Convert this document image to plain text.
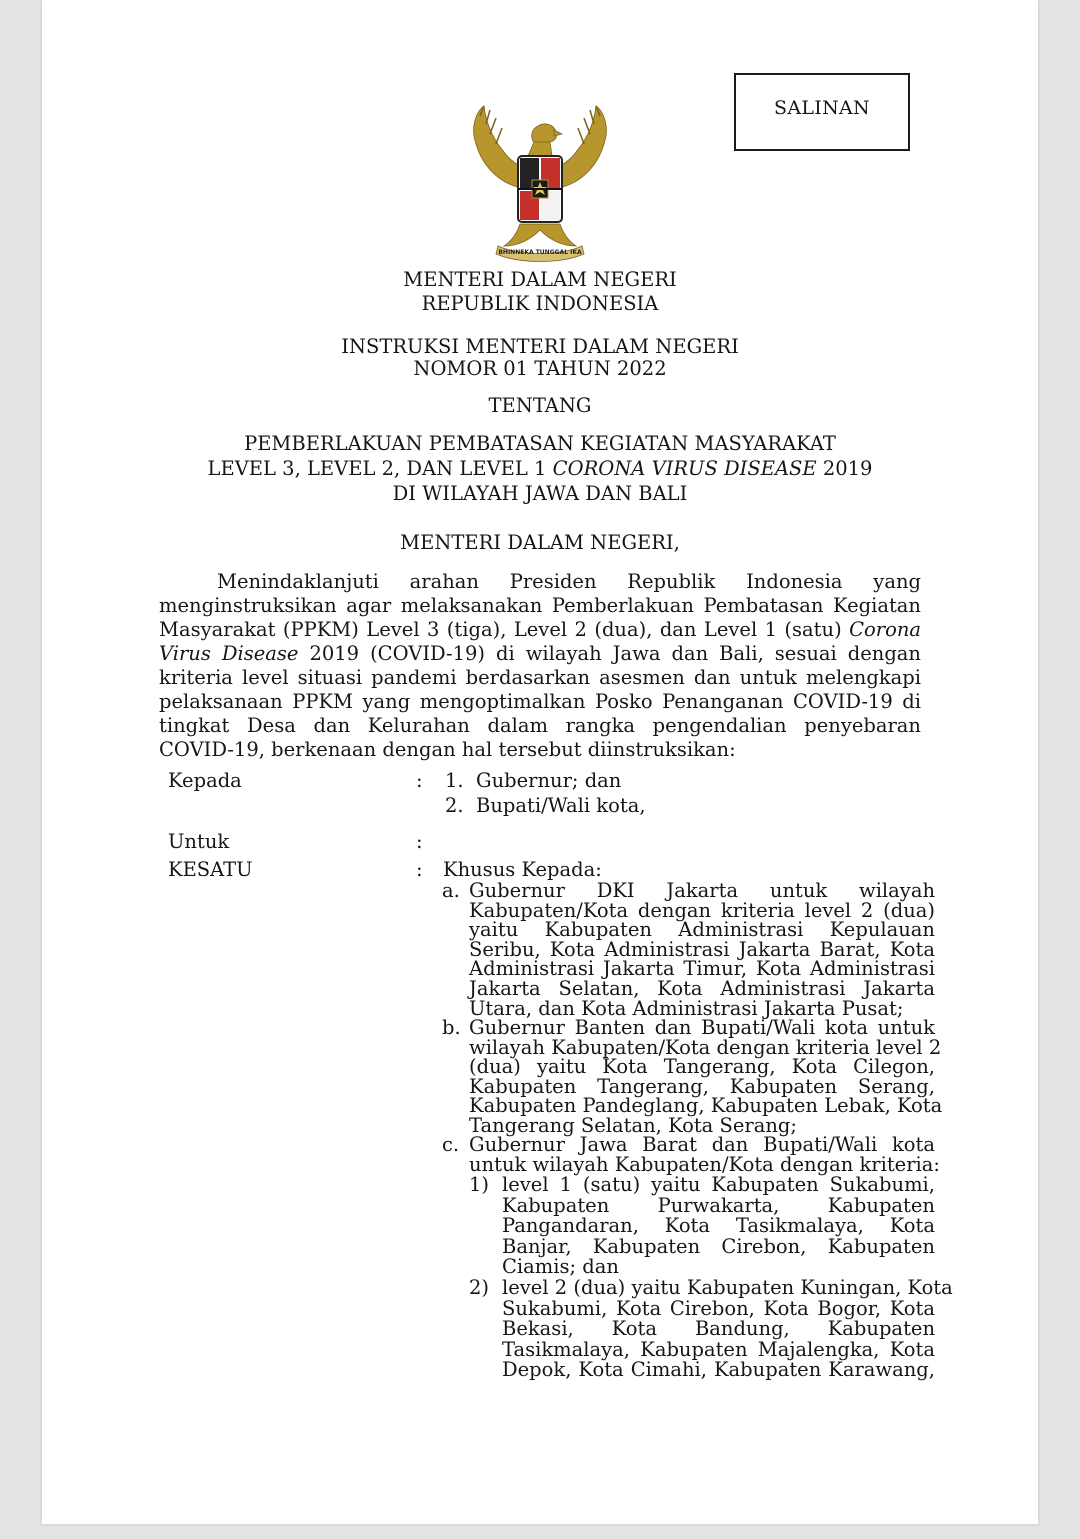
SALINAN
BHINNEKA TUNGGAL IKA
MENTERI DALAM NEGERI
REPUBLIK INDONESIA
INSTRUKSI MENTERI DALAM NEGERI
NOMOR 01 TAHUN 2022
TENTANG
PEMBERLAKUAN PEMBATASAN KEGIATAN MASYARAKAT
LEVEL 3, LEVEL 2, DAN LEVEL 1 CORONA VIRUS DISEASE 2019
DI WILAYAH JAWA DAN BALI
MENTERI DALAM NEGERI,
Menindaklanjuti arahan Presiden Republik Indonesia yang menginstruksikan agar melaksanakan Pemberlakuan Pembatasan Kegiatan Masyarakat (PPKM) Level 3 (tiga), Level 2 (dua), dan Level 1 (satu) Corona Virus Disease 2019 (COVID-19) di wilayah Jawa dan Bali, sesuai dengan kriteria level situasi pandemi berdasarkan asesmen dan untuk melengkapi pelaksanaan PPKM yang mengoptimalkan Posko Penanganan COVID-19 di tingkat Desa dan Kelurahan dalam rangka pengendalian penyebaran COVID-19, berkenaan dengan hal tersebut diinstruksikan:
Kepada	: 1. Gubernur; dan
2. Bupati/Wali kota,
Untuk	:
KESATU	: Khusus Kepada:
a. Gubernur DKI Jakarta untuk wilayah
Kabupaten/Kota dengan kriteria level 2 (dua)
yaitu Kabupaten Administrasi Kepulauan
Seribu, Kota Administrasi Jakarta Barat, Kota
Administrasi Jakarta Timur, Kota Administrasi
Jakarta Selatan, Kota Administrasi Jakarta
Utara, dan Kota Administrasi Jakarta Pusat;
b. Gubernur Banten dan Bupati/Wali kota untuk
wilayah Kabupaten/Kota dengan kriteria level 2
(dua) yaitu Kota Tangerang, Kota Cilegon,
Kabupaten Tangerang, Kabupaten Serang,
Kabupaten Pandeglang, Kabupaten Lebak, Kota
Tangerang Selatan, Kota Serang;
c. Gubernur Jawa Barat dan Bupati/Wali kota
untuk wilayah Kabupaten/Kota dengan kriteria:
1) level 1 (satu) yaitu Kabupaten Sukabumi,
Kabupaten Purwakarta, Kabupaten
Pangandaran, Kota Tasikmalaya, Kota
Banjar, Kabupaten Cirebon, Kabupaten
Ciamis; dan
2) level 2 (dua) yaitu Kabupaten Kuningan, Kota
Sukabumi, Kota Cirebon, Kota Bogor, Kota
Bekasi, Kota Bandung, Kabupaten
Tasikmalaya, Kabupaten Majalengka, Kota
Depok, Kota Cimahi, Kabupaten Karawang,
